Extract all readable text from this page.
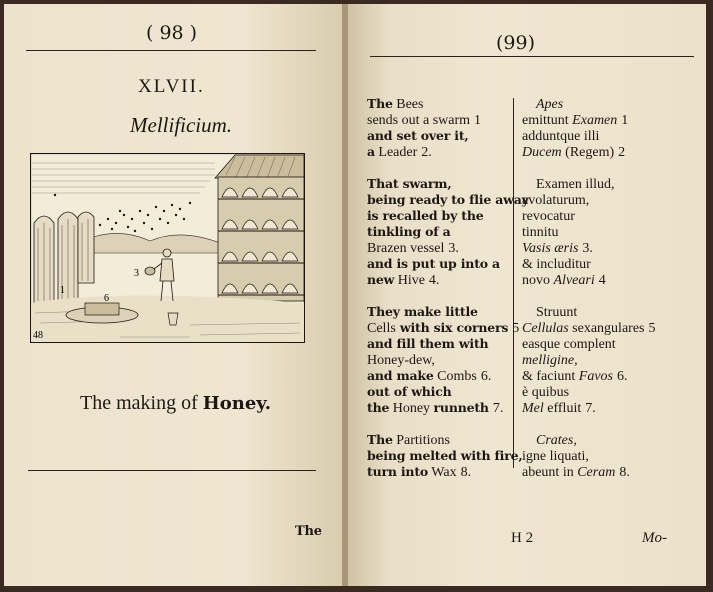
( 98 )
XLVII.
Mellificium.
3
6
1
48
The making of Honey.
The
(99)
The Bees
sends out a swarm 1
and set over it,
a Leader 2.
That swarm,
being ready to flie away
is recalled by the
tinkling of a
Brazen vessel 3.
and is put up into a
new Hive 4.
They make little
Cells with six corners 5
and fill them with
Honey-dew,
and make Combs 6.
out of which
the Honey runneth 7.
The Partitions
being melted with fire,
turn into Wax 8.
Apes
emittunt Examen 1
adduntque illi
Ducem (Regem) 2
Examen illud,
avolaturum,
revocatur
tinnitu
Vasis æris 3.
& includitur
novo Alveari 4
Struunt
Cellulas sexangulares 5
easque complent
melligine,
& faciunt Favos 6.
è quibus
Mel effluit 7.
Crates,
igne liquati,
abeunt in Ceram 8.
H 2	Mo-
